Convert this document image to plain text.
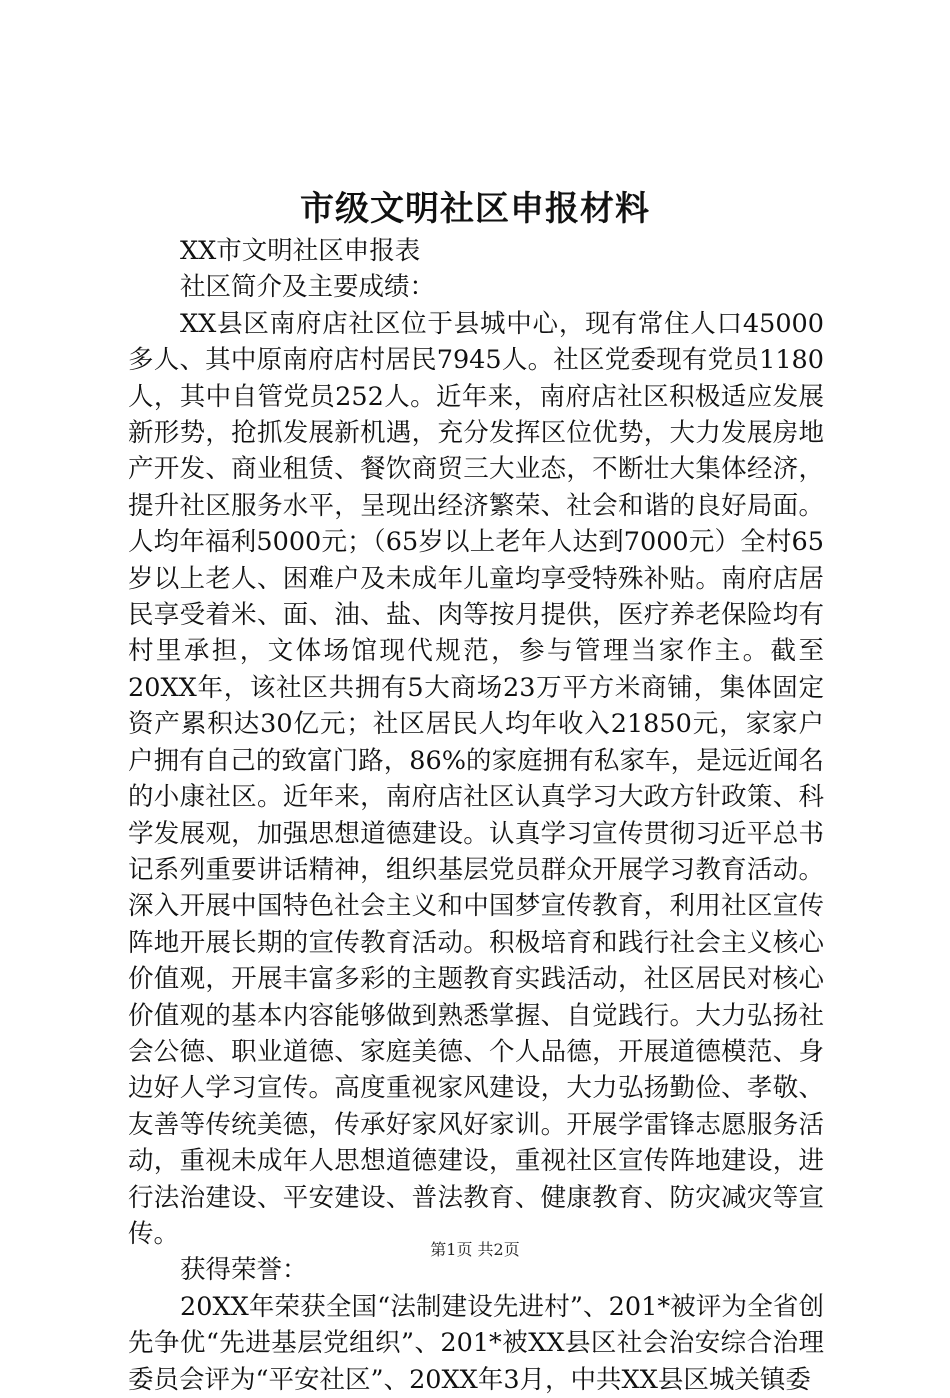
市级文明社区申报材料

XX市文明社区申报表

社区简介及主要成绩：

XX县区南府店社区位于县城中心，现有常住人口45000多人、其中原南府店村居民7945人。社区党委现有党员1180人，其中自管党员252人。近年来，南府店社区积极适应发展新形势，抢抓发展新机遇，充分发挥区位优势，大力发展房地产开发、商业租赁、餐饮商贸三大业态，不断壮大集体经济，提升社区服务水平，呈现出经济繁荣、社会和谐的良好局面。人均年福利5000元；（65岁以上老年人达到7000元）全村65岁以上老人、困难户及未成年儿童均享受特殊补贴。南府店居民享受着米、面、油、盐、肉等按月提供，医疗养老保险均有村里承担，文体场馆现代规范，参与管理当家作主。截至20XX年，该社区共拥有5大商场23万平方米商铺，集体固定资产累积达30亿元；社区居民人均年收入21850元，家家户户拥有自己的致富门路，86%的家庭拥有私家车，是远近闻名的小康社区。近年来，南府店社区认真学习大政方针政策、科学发展观，加强思想道德建设。认真学习宣传贯彻习近平总书记系列重要讲话精神，组织基层党员群众开展学习教育活动。深入开展中国特色社会主义和中国梦宣传教育，利用社区宣传阵地开展长期的宣传教育活动。积极培育和践行社会主义核心价值观，开展丰富多彩的主题教育实践活动，社区居民对核心价值观的基本内容能够做到熟悉掌握、自觉践行。大力弘扬社会公德、职业道德、家庭美德、个人品德，开展道德模范、身边好人学习宣传。高度重视家风建设，大力弘扬勤俭、孝敬、友善等传统美德，传承好家风好家训。开展学雷锋志愿服务活动，重视未成年人思想道德建设，重视社区宣传阵地建设，进行法治建设、平安建设、普法教育、健康教育、防灾减灾等宣传。

获得荣誉：

20XX年荣获全国“法制建设先进村”、201*被评为全省创先争优“先进基层党组织”、201*被XX县区社会治安综合治理委员会评为“平安社区”、20XX年3月，中共XX县区城关镇委

第1页 共2页
